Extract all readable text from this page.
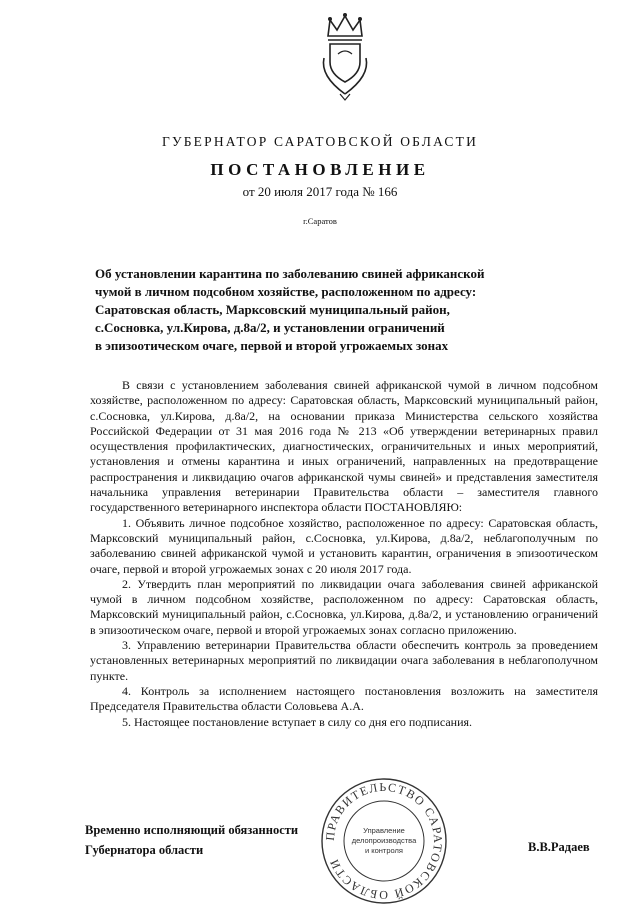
ГУБЕРНАТОР САРАТОВСКОЙ ОБЛАСТИ
ПОСТАНОВЛЕНИЕ
от 20 июля 2017 года № 166
г.Саратов
Об установлении карантина по заболеванию свиней африканской
чумой в личном подсобном хозяйстве, расположенном по адресу:
Саратовская область, Марксовский муниципальный район,
с.Сосновка, ул.Кирова, д.8а/2, и установлении ограничений
в эпизоотическом очаге, первой и второй угрожаемых зонах

В связи с установлением заболевания свиней африканской чумой в личном подсобном хозяйстве, расположенном по адресу: Саратовская область, Марксовский муниципальный район, с.Сосновка, ул.Кирова, д.8а/2, на основании приказа Министерства сельского хозяйства Российской Федерации от 31 мая 2016 года № 213 «Об утверждении ветеринарных правил осуществления профилактических, диагностических, ограничительных и иных мероприятий, установления и отмены карантина и иных ограничений, направленных на предотвращение распространения и ликвидацию очагов африканской чумы свиней» и представления заместителя начальника управления ветеринарии Правительства области – заместителя главного государственного ветеринарного инспектора области ПОСТАНОВЛЯЮ:

1. Объявить личное подсобное хозяйство, расположенное по адресу: Саратовская область, Марксовский муниципальный район, с.Сосновка, ул.Кирова, д.8а/2, неблагополучным по заболеванию свиней африканской чумой и установить карантин, ограничения в эпизоотическом очаге, первой и второй угрожаемых зонах с 20 июля 2017 года.

2. Утвердить план мероприятий по ликвидации очага заболевания свиней африканской чумой в личном подсобном хозяйстве, расположенном по адресу: Саратовская область, Марксовский муниципальный район, с.Сосновка, ул.Кирова, д.8а/2, и установлению ограничений в эпизоотическом очаге, первой и второй угрожаемых зонах согласно приложению.

3. Управлению ветеринарии Правительства области обеспечить контроль за проведением установленных ветеринарных мероприятий по ликвидации очага заболевания в неблагополучном пункте.

4. Контроль за исполнением настоящего постановления возложить на заместителя Председателя Правительства области Соловьева А.А.

5. Настоящее постановление вступает в силу со дня его подписания.

Временно исполняющий обязанности
Губернатора области
ПРАВИТЕЛЬСТВО САРАТОВСКОЙ ОБЛАСТИ
Управление
делопроизводства
и контроля	В.В.Радаев
